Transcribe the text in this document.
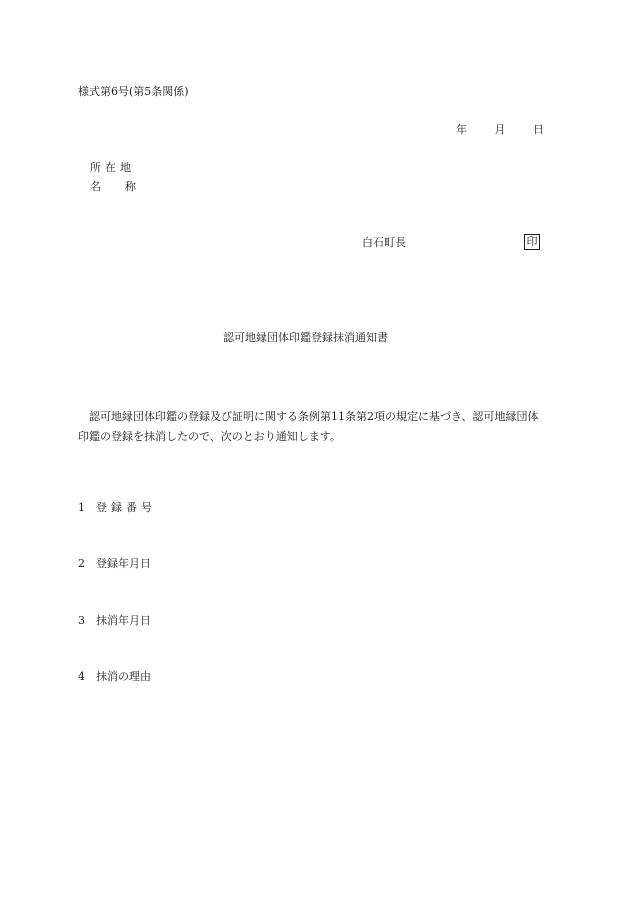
様式第6号(第5条関係)
年	月	日
所在地
名 称
白石町長	印
認可地縁団体印鑑登録抹消通知書
認可地縁団体印鑑の登録及び証明に関する条例第11条第2項の規定に基づき、認可地縁団体印鑑の登録を抹消したので、次のとおり通知します。
1 登録番号
2 登録年月日
3 抹消年月日
4 抹消の理由
